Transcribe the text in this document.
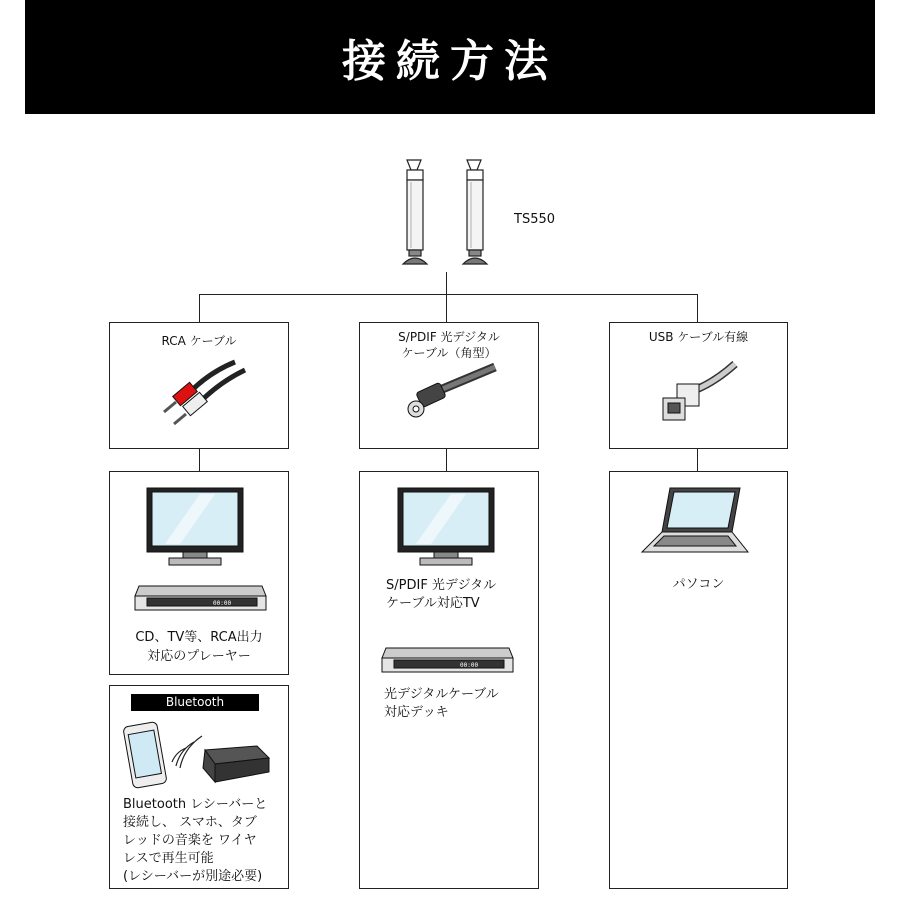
接続方法
TS550
RCA ケーブル	S/PDIF 光デジタル
ケーブル（角型）
USB ケーブル有線
00:00
CD、TV等、RCA出力
対応のプレーヤー
Bluetooth
Bluetooth レシーバーと
接続し、 スマホ、タブ
レッドの音楽を ワイヤ
レスで再生可能
(レシーバーが別途必要)
S/PDIF 光デジタル
ケーブル対応TV
00:00
光デジタルケーブル
対応デッキ
パソコン
